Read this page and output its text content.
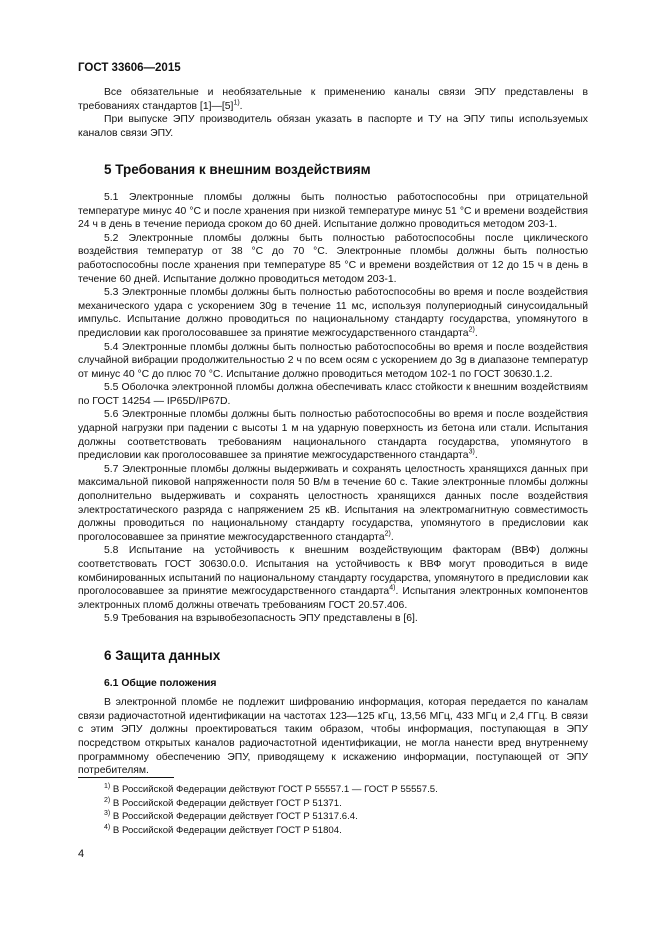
ГОСТ 33606—2015

Все обязательные и необязательные к применению каналы связи ЭПУ представлены в требованиях стандартов $[1]—[5]^{1)}$.

При выпуске ЭПУ производитель обязан указать в паспорте и ТУ на ЭПУ типы используемых каналов связи ЭПУ.

5 Требования к внешним воздействиям

5.1 Электронные пломбы должны быть полностью работоспособны при отрицательной температуре минус 40 °С и после хранения при низкой температуре минус 51 °С и времени воздействия 24 ч в день в течение периода сроком до 60 дней. Испытание должно проводиться методом 203-1.

5.2 Электронные пломбы должны быть полностью работоспособны после циклического воздействия температур от 38 °С до 70 °С. Электронные пломбы должны быть полностью работоспособны после хранения при температуре 85 °С и времени воздействия от 12 до 15 ч в день в течение 60 дней. Испытание должно проводиться методом 203-1.

5.3 Электронные пломбы должны быть полностью работоспособны во время и после воздействия механического удара с ускорением 30g в течение 11 мс, используя полупериодный синусоидальный импульс. Испытание должно проводиться по национальному стандарту государства, упомянутого в предисловии как проголосовавшее за принятие межгосударственного стандарта$^{2)}$.

5.4 Электронные пломбы должны быть полностью работоспособны во время и после воздействия случайной вибрации продолжительностью 2 ч по всем осям с ускорением до 3g в диапазоне температур от минус 40 °С до плюс 70 °С. Испытание должно проводиться методом 102-1 по ГОСТ 30630.1.2.

5.5 Оболочка электронной пломбы должна обеспечивать класс стойкости к внешним воздействиям по ГОСТ 14254 — IP65D/IP67D.

5.6 Электронные пломбы должны быть полностью работоспособны во время и после воздействия ударной нагрузки при падении с высоты 1 м на ударную поверхность из бетона или стали. Испытания должны соответствовать требованиям национального стандарта государства, упомянутого в предисловии как проголосовавшее за принятие межгосударственного стандарта$^{3)}$.

5.7 Электронные пломбы должны выдерживать и сохранять целостность хранящихся данных при максимальной пиковой напряженности поля 50 В/м в течение 60 с. Такие электронные пломбы должны дополнительно выдерживать и сохранять целостность хранящихся данных после воздействия электростатического разряда с напряжением 25 кВ. Испытания на электромагнитную совместимость должны проводиться по национальному стандарту государства, упомянутого в предисловии как проголосовавшее за принятие межгосударственного стандарта$^{2)}$.

5.8 Испытание на устойчивость к внешним воздействующим факторам (ВВФ) должны соответствовать ГОСТ 30630.0.0. Испытания на устойчивость к ВВФ могут проводиться в виде комбинированных испытаний по национальному стандарту государства, упомянутого в предисловии как проголосовавшее за принятие межгосударственного стандарта$^{4)}$. Испытания электронных компонентов электронных пломб должны отвечать требованиям ГОСТ 20.57.406.

5.9 Требования на взрывобезопасность ЭПУ представлены в [6].

6 Защита данных

6.1 Общие положения

В электронной пломбе не подлежит шифрованию информация, которая передается по каналам связи радиочастотной идентификации на частотах 123—125 кГц, 13,56 МГц, 433 МГц и 2,4 ГГц. В связи с этим ЭПУ должны проектироваться таким образом, чтобы информация, поступающая в ЭПУ посредством открытых каналов радиочастотной идентификации, не могла нанести вред внутреннему программному обеспечению ЭПУ, приводящему к искажению информации, поступающей от ЭПУ потребителям.

$^{1)}$ В Российской Федерации действуют ГОСТ Р 55557.1 — ГОСТ Р 55557.5.
$^{2)}$ В Российской Федерации действует ГОСТ Р 51371.
$^{3)}$ В Российской Федерации действует ГОСТ Р 51317.6.4.
$^{4)}$ В Российской Федерации действует ГОСТ Р 51804.
4
